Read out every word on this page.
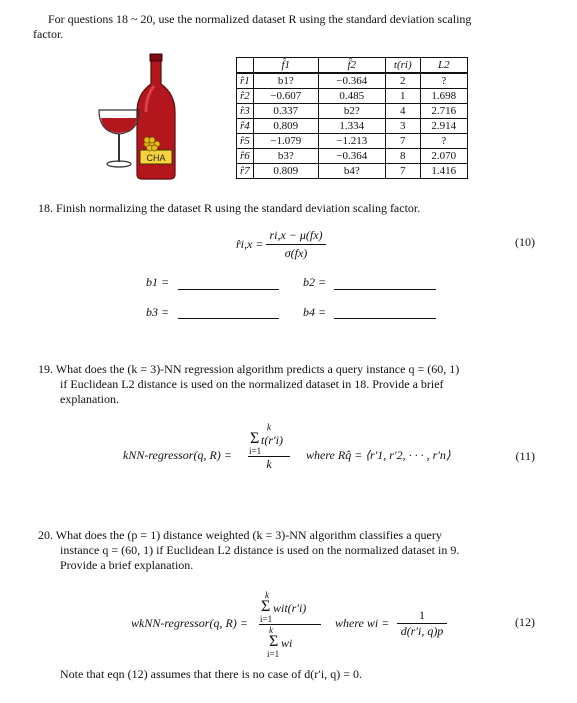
For questions 18 ~ 20, use the normalized dataset R using the standard deviation scaling
factor.
CHA
	f̂1	f̂2	t(ri)	L2
r̂1	b1?	−0.364	2	?
r̂2	−0.607	0.485	1	1.698
r̂3	0.337	b2?	4	2.716
r̂4	0.809	1.334	3	2.914
r̂5	−1.079	−1.213	7	?
r̂6	b3?	−0.364	8	2.070
r̂7	0.809	b4?	7	1.416
18. Finish normalizing the dataset R using the standard deviation scaling factor.
r̂i,x = $\frac{ri,x - \mu(fx)}{\sigma(fx)}$	(10)
b1 =	b2 =
b3 =	b4 =
19. What does the (k = 3)-NN regression algorithm predicts a query instance q = (60, 1)
if Euclidean L2 distance is used on the normalized dataset in 18. Provide a brief
explanation.
kNN-regressor(q, R) =
k
Σ t(r′i)
i=1
k
where Rq̂ = ⟨r′1, r′2, · · · , r′n⟩	(11)
20. What does the (p = 1) distance weighted (k = 3)-NN algorithm classifies a query
instance q = (60, 1) if Euclidean L2 distance is used on the normalized dataset in 9.
Provide a brief explanation.
wkNN-regressor(q, R) =
k
Σ wit(r′i)
i=1
k
Σ wi
i=1
where wi = $\frac{1}{d(r'i, q)p}$	(12)
Note that eqn (12) assumes that there is no case of d(r′i, q) = 0.
